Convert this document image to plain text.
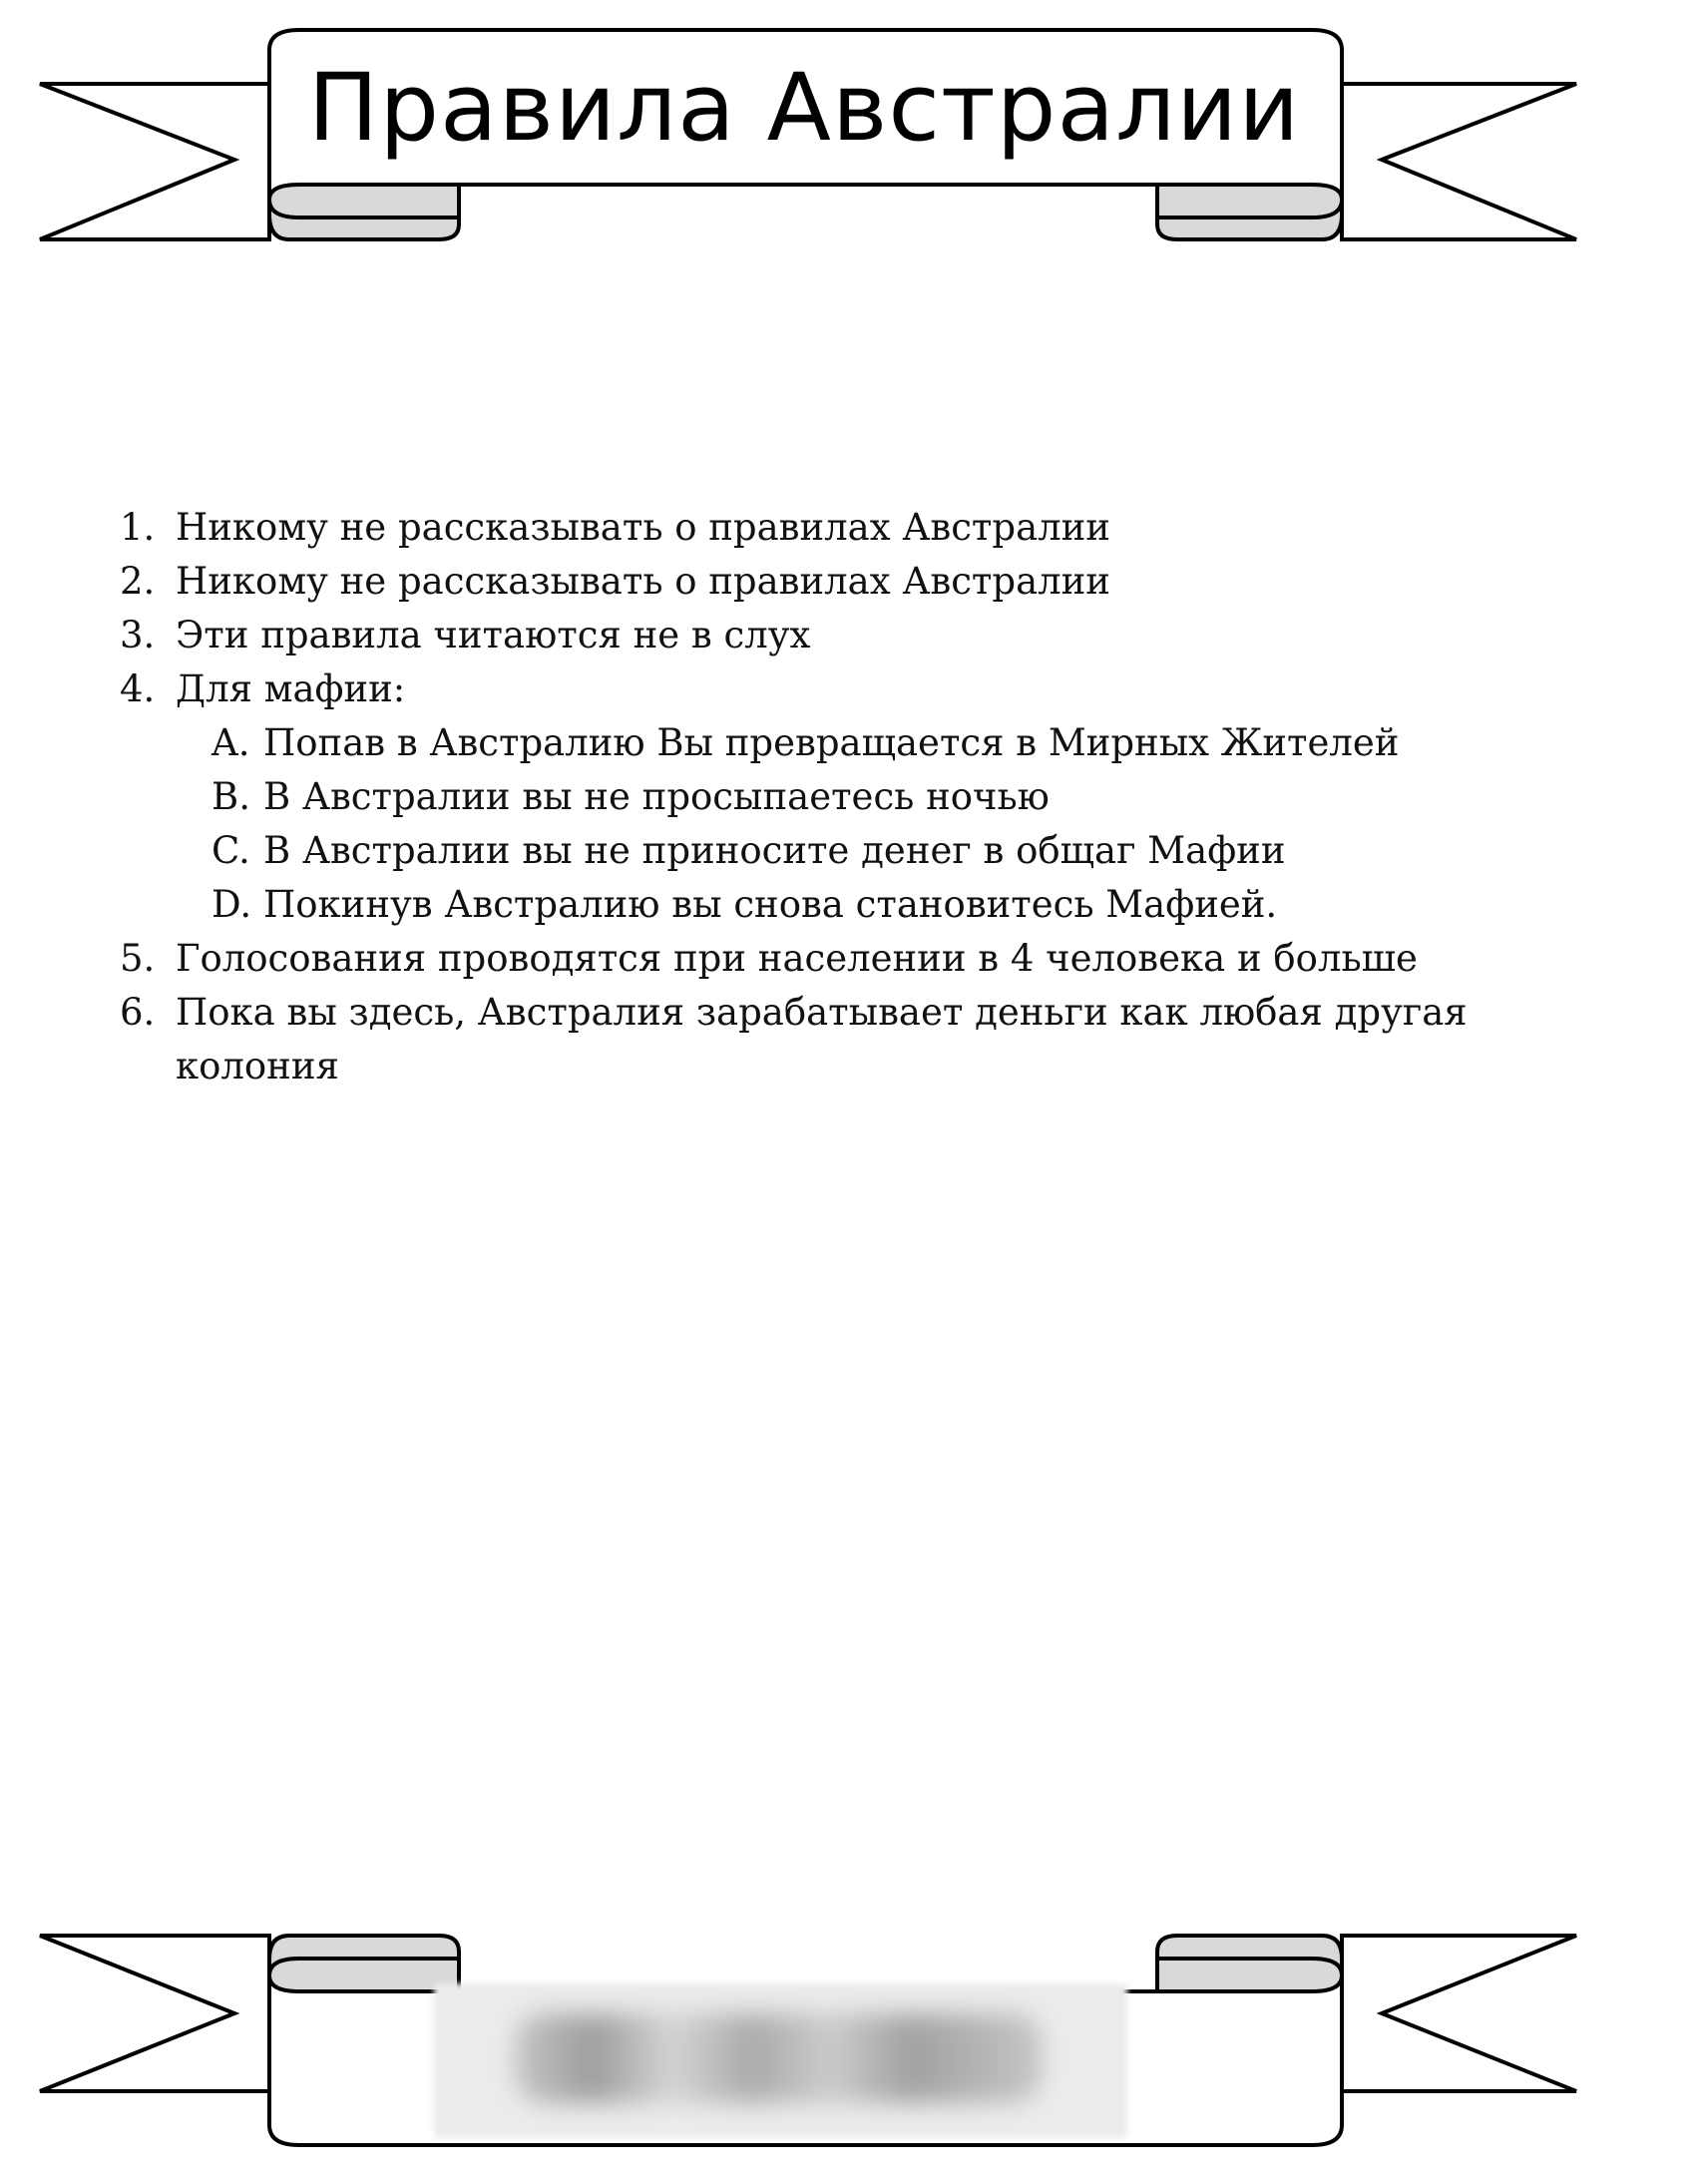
Правила Австралии
1. Никому не рассказывать о правилах Австралии
2. Никому не рассказывать о правилах Австралии
3. Эти правила читаются не в слух
4. Для мафии:
A. Попав в Австралию Вы превращается в Мирных Жителей
B. В Австралии вы не просыпаетесь ночью
C. В Австралии вы не приносите денег в общаг Мафии
D. Покинув Австралию вы снова становитесь Мафией.
5. Голосования проводятся при населении в 4 человека и больше
6. Пока вы здесь, Австралия зарабатывает деньги как любая другая колония
